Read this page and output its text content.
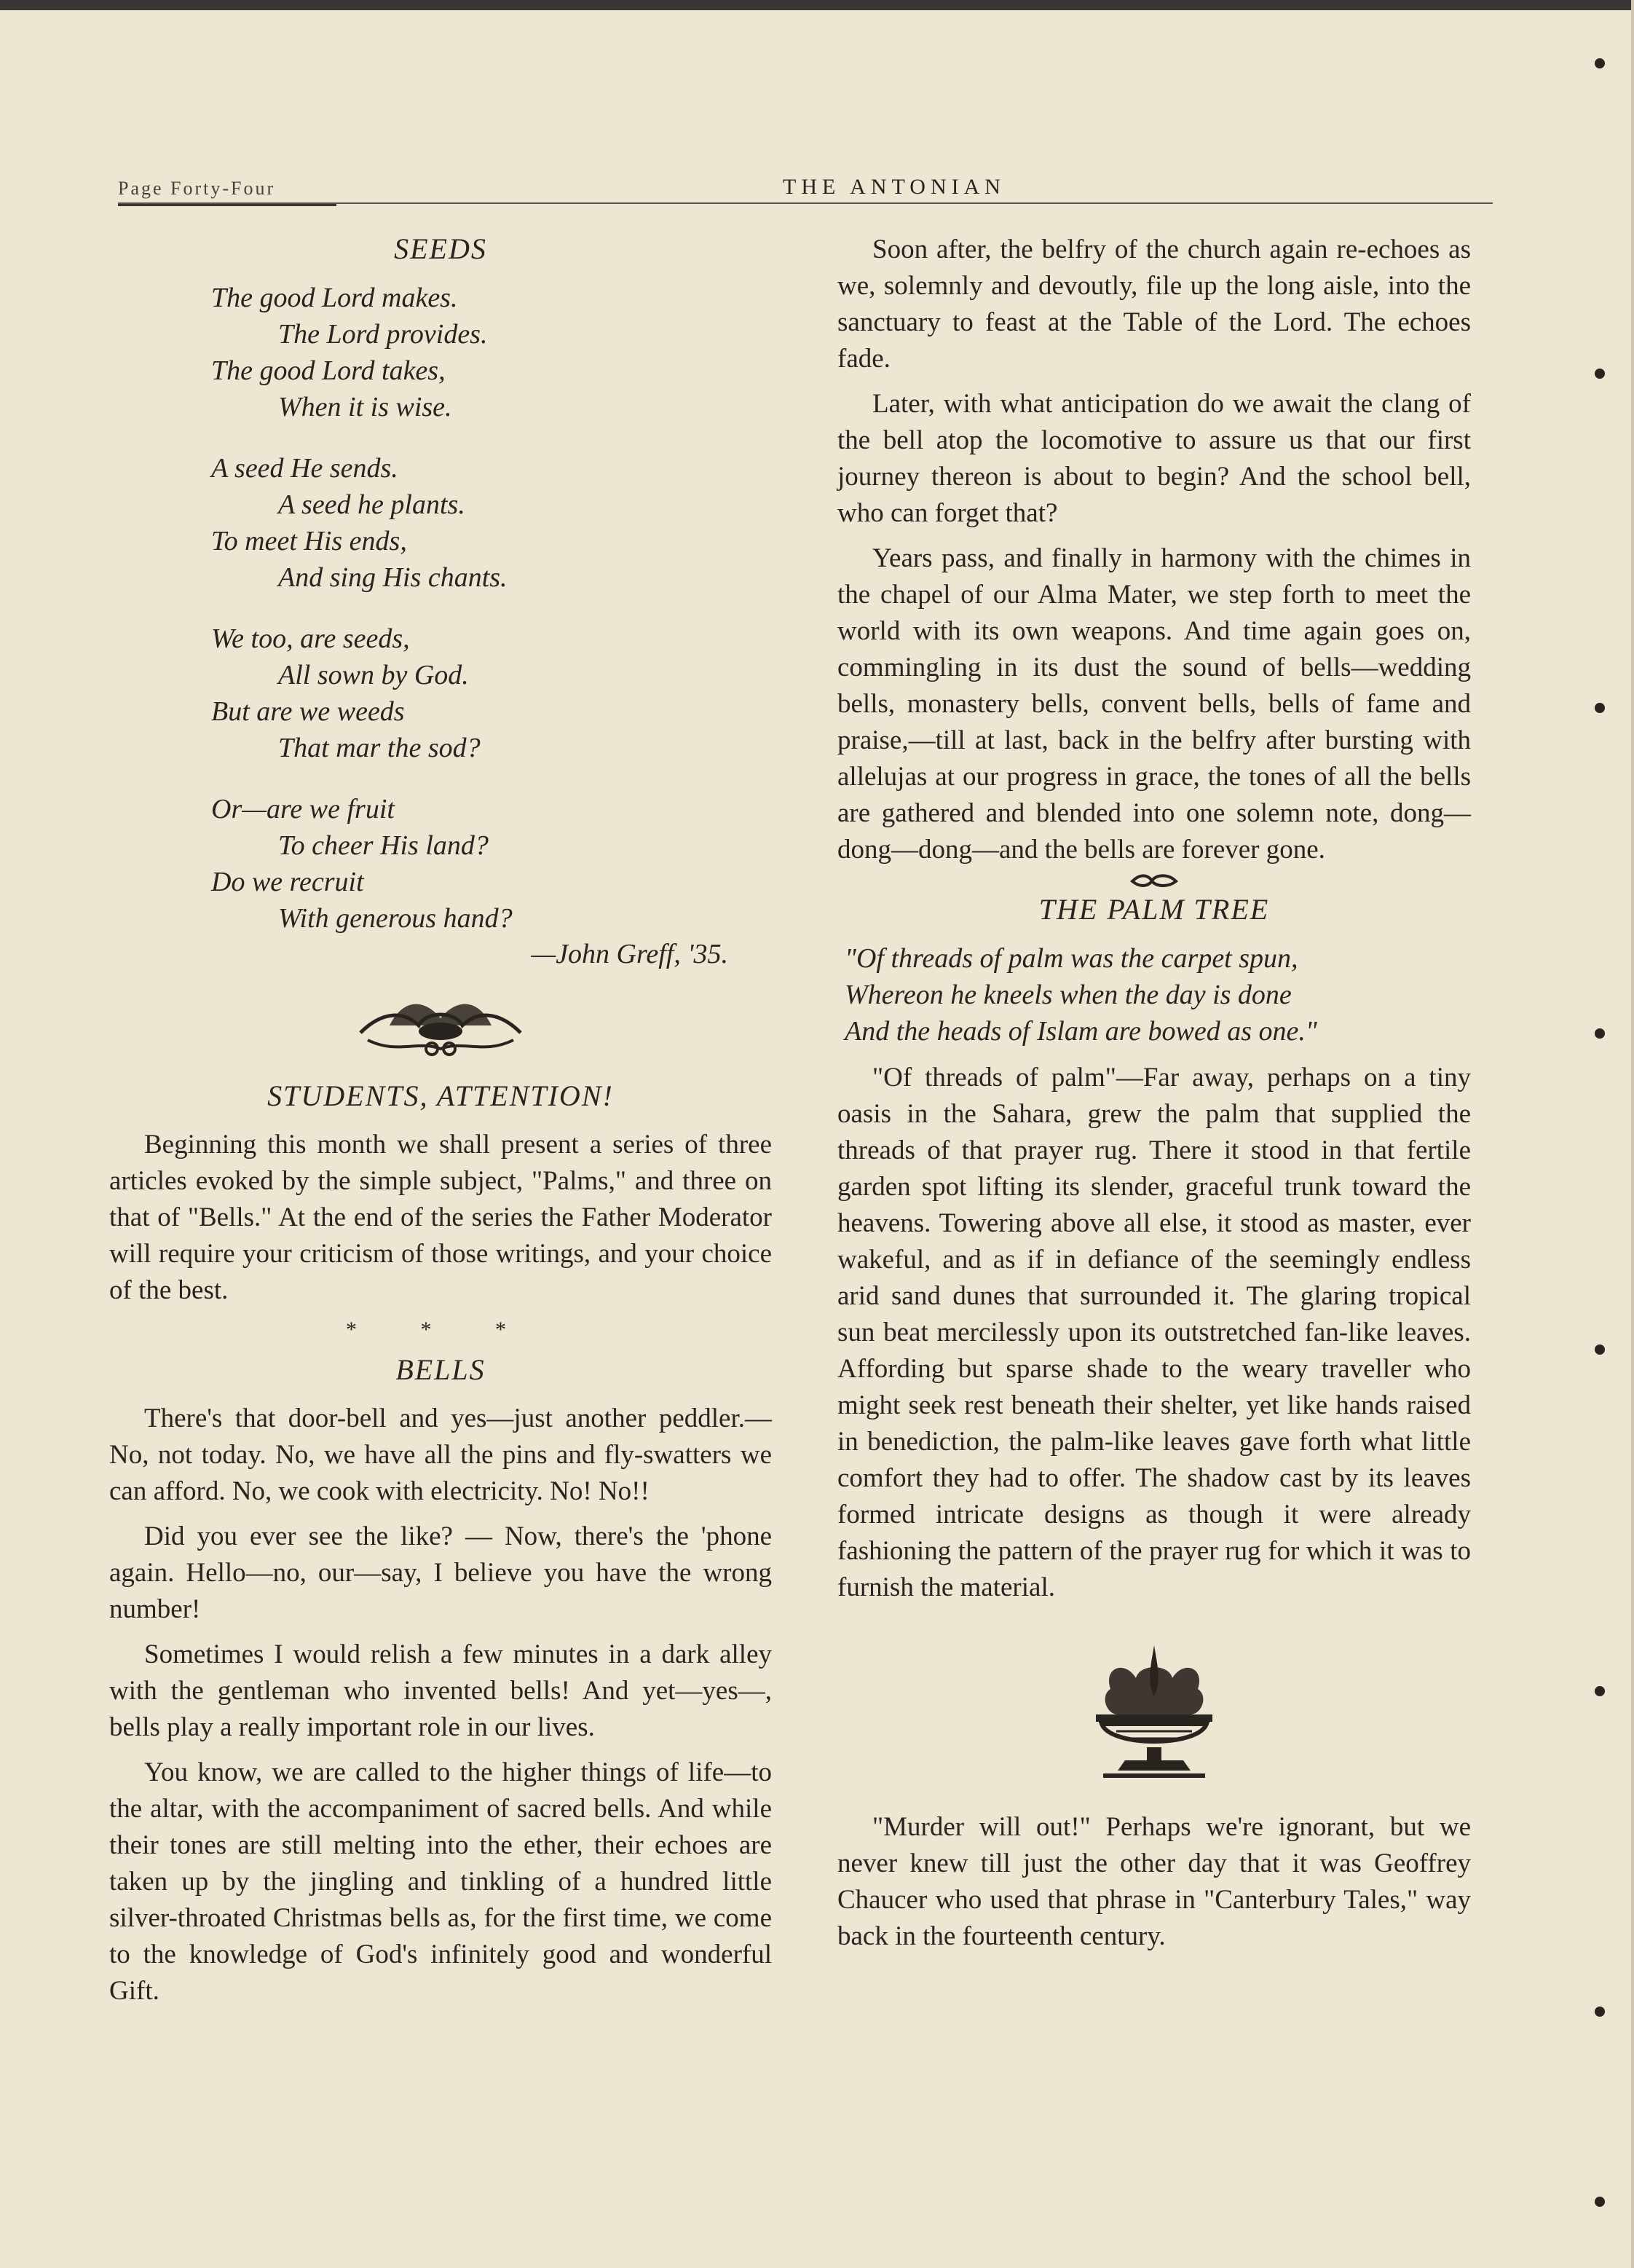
Page Forty-Four	THE ANTONIAN
SEEDS
The good Lord makes.
The Lord provides.
The good Lord takes,
When it is wise.
A seed He sends.
A seed he plants.
To meet His ends,
And sing His chants.
We too, are seeds,
All sown by God.
But are we weeds
That mar the sod?
Or—are we fruit
To cheer His land?
Do we recruit
With generous hand?
—John Greff, '35.
STUDENTS, ATTENTION!

Beginning this month we shall present a series of three articles evoked by the simple subject, "Palms," and three on that of "Bells." At the end of the series the Father Moderator will require your criticism of those writings, and your choice of the best.

* * *
BELLS

There's that door-bell and yes—just another peddler.—No, not today. No, we have all the pins and fly-swatters we can afford. No, we cook with electricity. No! No!!

Did you ever see the like? — Now, there's the 'phone again. Hello—no, our—say, I believe you have the wrong number!

Sometimes I would relish a few minutes in a dark alley with the gentleman who invented bells! And yet—yes—, bells play a really important role in our lives.

You know, we are called to the higher things of life—to the altar, with the accompaniment of sacred bells. And while their tones are still melting into the ether, their echoes are taken up by the jingling and tinkling of a hundred little silver-throated Christmas bells as, for the first time, we come to the knowledge of God's infinitely good and wonderful Gift.

Soon after, the belfry of the church again re-echoes as we, solemnly and devoutly, file up the long aisle, into the sanctuary to feast at the Table of the Lord. The echoes fade.

Later, with what anticipation do we await the clang of the bell atop the locomotive to assure us that our first journey thereon is about to begin? And the school bell, who can forget that?

Years pass, and finally in harmony with the chimes in the chapel of our Alma Mater, we step forth to meet the world with its own weapons. And time again goes on, commingling in its dust the sound of bells—wedding bells, monastery bells, convent bells, bells of fame and praise,—till at last, back in the belfry after bursting with allelujas at our progress in grace, the tones of all the bells are gathered and blended into one solemn note, dong—dong—dong—and the bells are forever gone.

THE PALM TREE
"Of threads of palm was the carpet spun,
Whereon he kneels when the day is done
And the heads of Islam are bowed as one."

"Of threads of palm"—Far away, perhaps on a tiny oasis in the Sahara, grew the palm that supplied the threads of that prayer rug. There it stood in that fertile garden spot lifting its slender, graceful trunk toward the heavens. Towering above all else, it stood as master, ever wakeful, and as if in defiance of the seemingly endless arid sand dunes that surrounded it. The glaring tropical sun beat mercilessly upon its outstretched fan-like leaves. Affording but sparse shade to the weary traveller who might seek rest beneath their shelter, yet like hands raised in benediction, the palm-like leaves gave forth what little comfort they had to offer. The shadow cast by its leaves formed intricate designs as though it were already fashioning the pattern of the prayer rug for which it was to furnish the material.

"Murder will out!" Perhaps we're ignorant, but we never knew till just the other day that it was Geoffrey Chaucer who used that phrase in "Canterbury Tales," way back in the fourteenth century.
